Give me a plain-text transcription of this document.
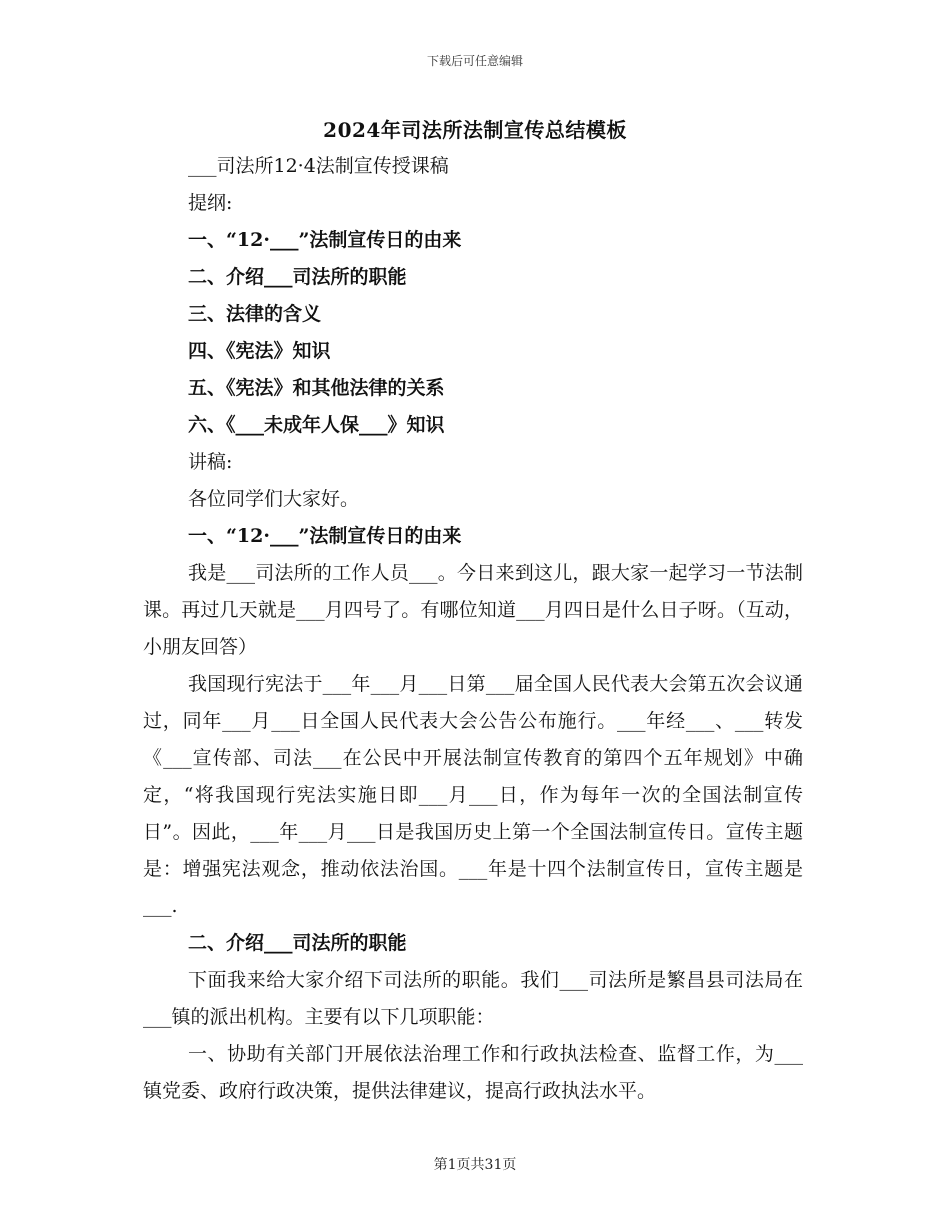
下载后可任意编辑
2024年司法所法制宣传总结模板
___司法所12·4法制宣传授课稿
提纲:
一、“12·___”法制宣传日的由来
二、介绍___司法所的职能
三、法律的含义
四、《宪法》知识
五、《宪法》和其他法律的关系
六、《___未成年人保___》知识
讲稿:
各位同学们大家好。
一、“12·___”法制宣传日的由来

我是___司法所的工作人员___。今日来到这儿，跟大家一起学习一节法制课。再过几天就是___月四号了。有哪位知道___月四日是什么日子呀。（互动，小朋友回答）

我国现行宪法于___年___月___日第___届全国人民代表大会第五次会议通过，同年___月___日全国人民代表大会公告公布施行。___年经___、___转发《___宣传部、司法___在公民中开展法制宣传教育的第四个五年规划》中确定，“将我国现行宪法实施日即___月___日，作为每年一次的全国法制宣传日”。因此，___年___月___日是我国历史上第一个全国法制宣传日。宣传主题是：增强宪法观念，推动依法治国。___年是十四个法制宣传日，宣传主题是___.

二、介绍___司法所的职能

下面我来给大家介绍下司法所的职能。我们___司法所是繁昌县司法局在___镇的派出机构。主要有以下几项职能：

一、协助有关部门开展依法治理工作和行政执法检查、监督工作，为___镇党委、政府行政决策，提供法律建议，提高行政执法水平。

第1页共31页
